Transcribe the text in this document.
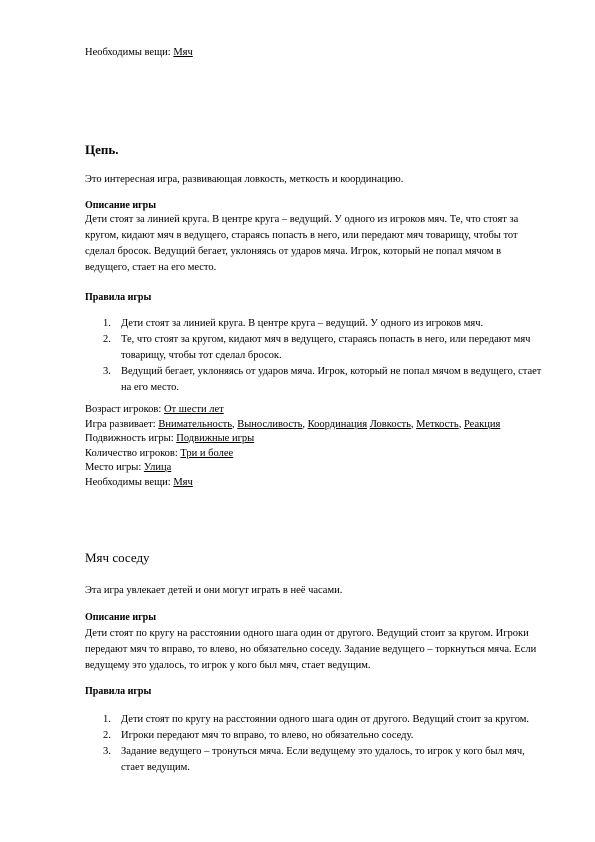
Необходимы вещи: Мяч
Цепь.
Это интересная игра, развивающая ловкость, меткость и координацию.
Описание игры
Дети стоят за линией круга. В центре круга – ведущий. У одного из игроков мяч. Те, что стоят за кругом, кидают мяч в ведущего, стараясь попасть в него, или передают мяч товарищу, чтобы тот сделал бросок. Ведущий бегает, уклоняясь от ударов мяча. Игрок, который не попал мячом в ведущего, стает на его место.
Правила игры
1. Дети стоят за линией круга. В центре круга – ведущий. У одного из игроков мяч.
2. Те, что стоят за кругом, кидают мяч в ведущего, стараясь попасть в него, или передают мяч товарищу, чтобы тот сделал бросок.
3. Ведущий бегает, уклоняясь от ударов мяча. Игрок, который не попал мячом в ведущего, стает на его место.
Возраст игроков: От шести лет
Игра развивает: Внимательность, Выносливость, Координация Ловкость, Меткость, Реакция
Подвижность игры: Подвижные игры
Количество игроков: Три и более
Место игры: Улица
Необходимы вещи: Мяч
Мяч соседу
Эта игра увлекает детей и они могут играть в неё часами.
Описание игры
Дети стоят по кругу на расстоянии одного шага один от другого. Ведущий стоит за кругом. Игроки передают мяч то вправо, то влево, но обязательно соседу. Задание ведущего – торкнуться мяча. Если ведущему это удалось, то игрок у кого был мяч, стает ведущим.
Правила игры
1. Дети стоят по кругу на расстоянии одного шага один от другого. Ведущий стоит за кругом.
2. Игроки передают мяч то вправо, то влево, но обязательно соседу.
3. Задание ведущего – тронуться мяча. Если ведущему это удалось, то игрок у кого был мяч, стает ведущим.
